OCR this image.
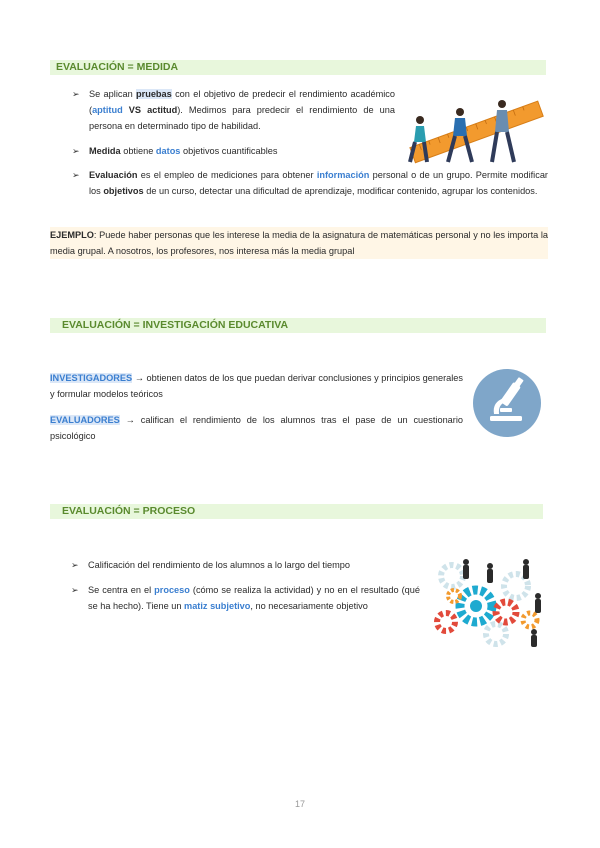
EVALUACIÓN = MEDIDA
➢ Se aplican pruebas con el objetivo de predecir el rendimiento académico (aptitud VS actitud). Medimos para predecir el rendimiento de una persona en determinado tipo de habilidad.
➢ Medida obtiene datos objetivos cuantificables
➢ Evaluación es el empleo de mediciones para obtener información personal o de un grupo. Permite modificar los objetivos de un curso, detectar una dificultad de aprendizaje, modificar contenido, agrupar los contenidos.
EJEMPLO: Puede haber personas que les interese la media de la asignatura de matemáticas personal y no les importa la media grupal. A nosotros, los profesores, nos interesa más la media grupal
EVALUACIÓN = INVESTIGACIÓN EDUCATIVA
INVESTIGADORES → obtienen datos de los que puedan derivar conclusiones y principios generales y formular modelos teóricos
EVALUADORES → califican el rendimiento de los alumnos tras el pase de un cuestionario psicológico
EVALUACIÓN = PROCESO
➢ Calificación del rendimiento de los alumnos a lo largo del tiempo
➢ Se centra en el proceso (cómo se realiza la actividad) y no en el resultado (qué se ha hecho). Tiene un matiz subjetivo, no necesariamente objetivo
17
